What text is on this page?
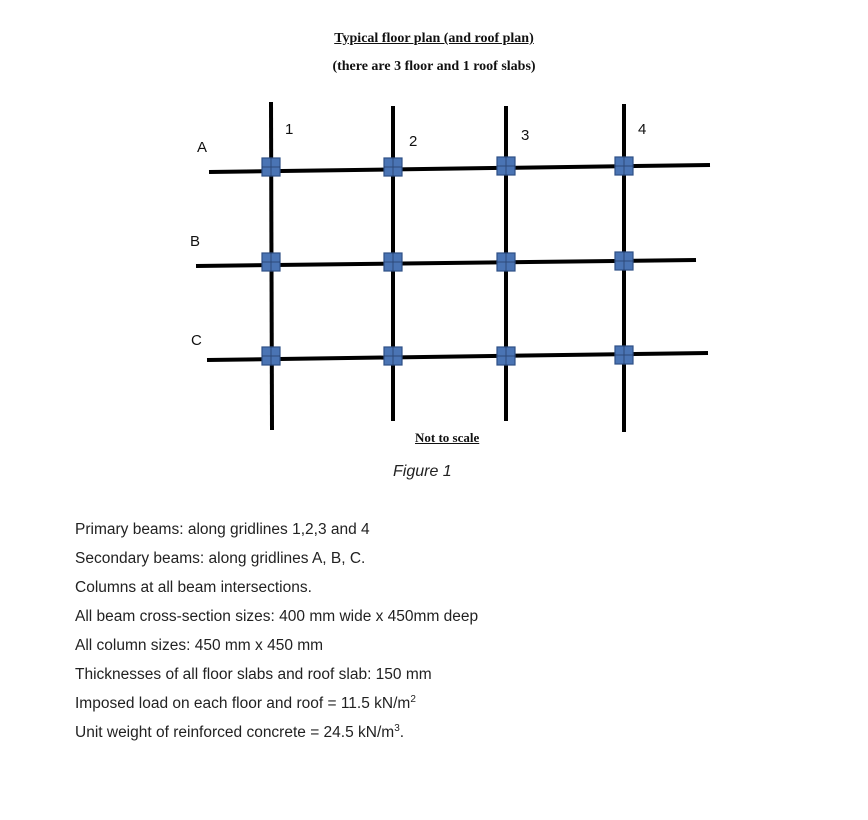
Typical floor plan (and roof plan)
(there are 3 floor and 1 roof slabs)
A
B
C
1
2	3	4
Not to scale
Figure 1
Primary beams: along gridlines 1,2,3 and 4
Secondary beams: along gridlines A, B, C.
Columns at all beam intersections.
All beam cross-section sizes: 400 mm wide x 450mm deep
All column sizes: 450 mm x 450 mm
Thicknesses of all floor slabs and roof slab: 150 mm
Imposed load on each floor and roof = 11.5 $kN/m^2$
Unit weight of reinforced concrete = 24.5 $kN/m^3$.
